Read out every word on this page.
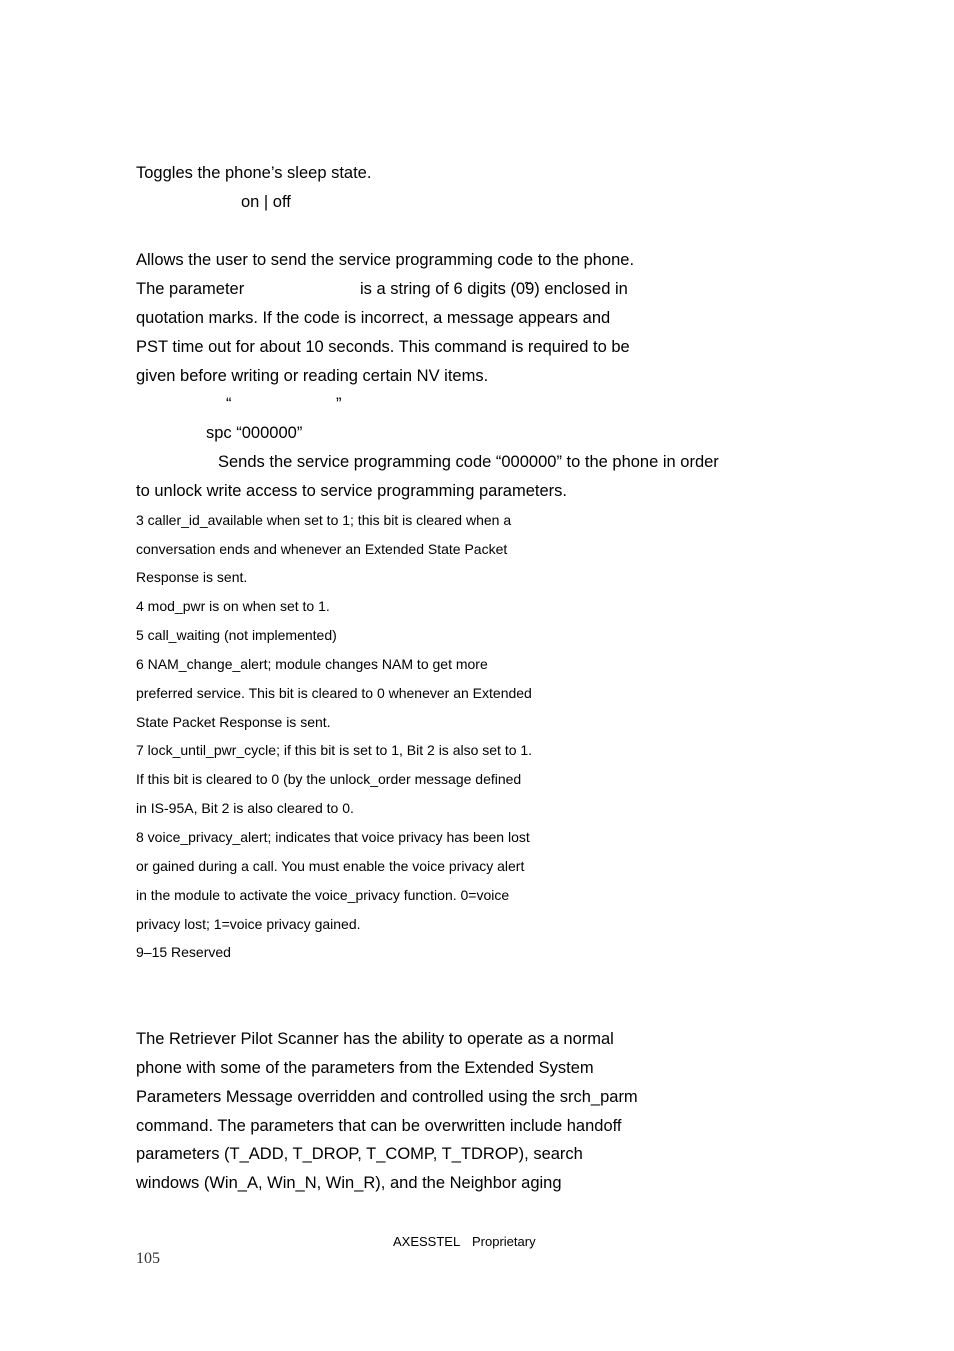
Toggles the phone’s sleep state.
on | off
Allows the user to send the service programming code to the phone.
The parameter	is a string of 6 digits (0̃9) enclosed in
quotation marks. If the code is incorrect, a message appears and
PST time out for about 10 seconds. This command is required to be
given before writing or reading certain NV items.
“	”
spc “000000”
Sends the service programming code “000000” to the phone in order
to unlock write access to service programming parameters.
3 caller_id_available when set to 1; this bit is cleared when a
conversation ends and whenever an Extended State Packet
Response is sent.
4 mod_pwr is on when set to 1.
5 call_waiting (not implemented)
6 NAM_change_alert; module changes NAM to get more
preferred service. This bit is cleared to 0 whenever an Extended
State Packet Response is sent.
7 lock_until_pwr_cycle; if this bit is set to 1, Bit 2 is also set to 1.
If this bit is cleared to 0 (by the unlock_order message defined
in IS-95A, Bit 2 is also cleared to 0.
8 voice_privacy_alert; indicates that voice privacy has been lost
or gained during a call. You must enable the voice privacy alert
in the module to activate the voice_privacy function. 0=voice
privacy lost; 1=voice privacy gained.
9–15 Reserved
The Retriever Pilot Scanner has the ability to operate as a normal
phone with some of the parameters from the Extended System
Parameters Message overridden and controlled using the srch_parm
command. The parameters that can be overwritten include handoff
parameters (T_ADD, T_DROP, T_COMP, T_TDROP), search
windows (Win_A, Win_N, Win_R), and the Neighbor aging
AXESSTEL Proprietary
105
